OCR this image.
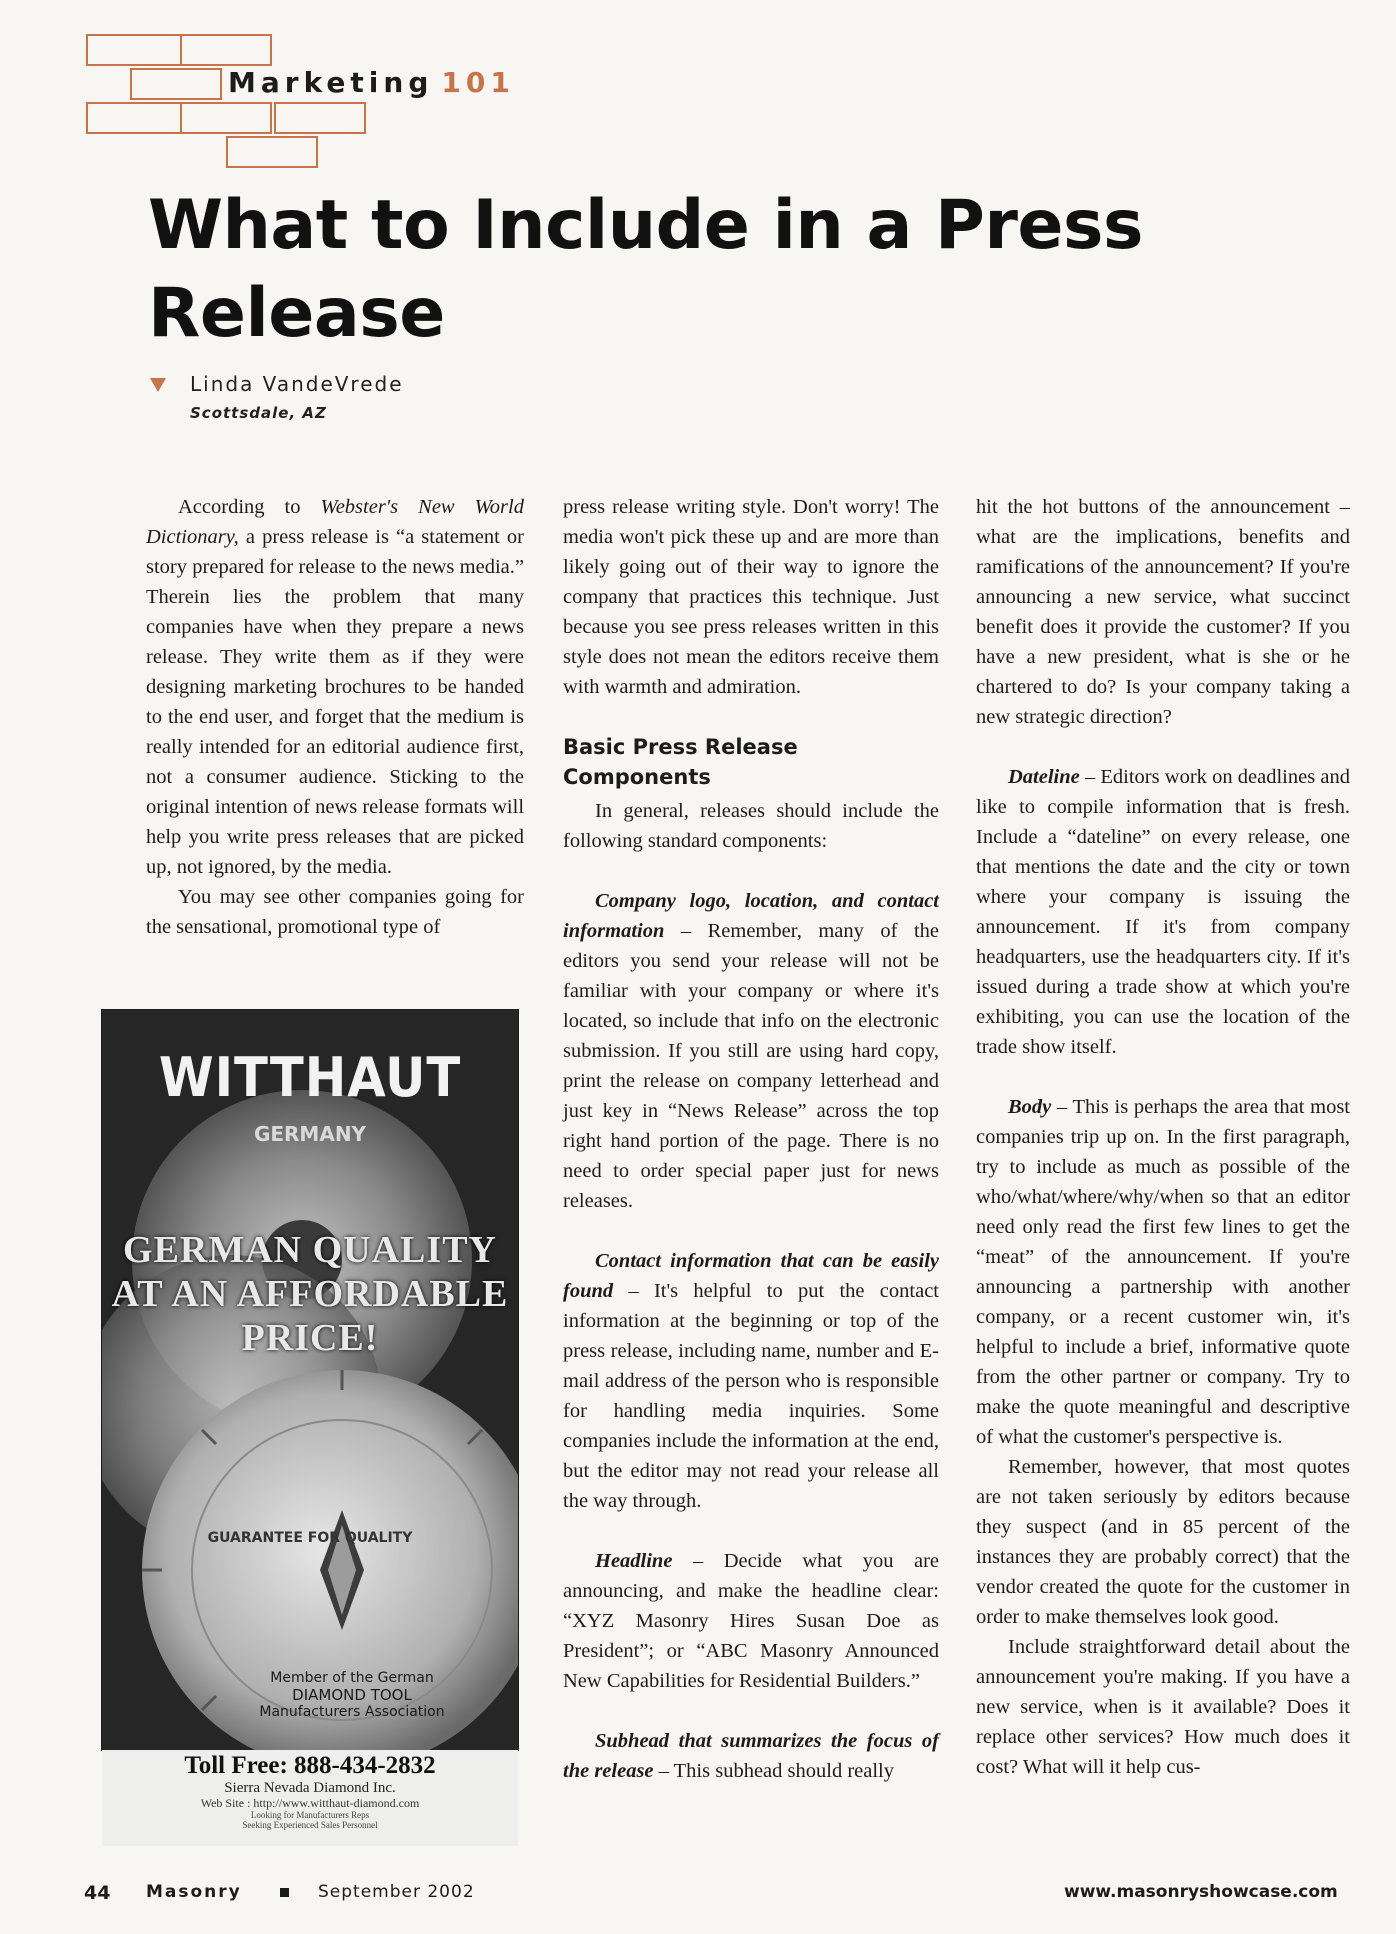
Marketing 101
What to Include in a Press Release
Linda VandeVrede
Scottsdale, AZ

According to Webster's New World Dictionary, a press release is “a statement or story prepared for release to the news media.” Therein lies the problem that many companies have when they prepare a news release. They write them as if they were designing marketing brochures to be handed to the end user, and forget that the medium is really intended for an editorial audience first, not a consumer audience. Sticking to the original intention of news release formats will help you write press releases that are picked up, not ignored, by the media.

You may see other companies going for the sensational, promotional type of

press release writing style. Don't worry! The media won't pick these up and are more than likely going out of their way to ignore the company that practices this technique. Just because you see press releases written in this style does not mean the editors receive them with warmth and admiration.

Basic Press Release Components

In general, releases should include the following standard components:

Company logo, location, and contact information – Remember, many of the editors you send your release will not be familiar with your company or where it's located, so include that info on the electronic submission. If you still are using hard copy, print the release on company letterhead and just key in “News Release” across the top right hand portion of the page. There is no need to order special paper just for news releases.

Contact information that can be easily found – It's helpful to put the contact information at the beginning or top of the press release, including name, number and E-mail address of the person who is responsible for handling media inquiries. Some companies include the information at the end, but the editor may not read your release all the way through.

Headline – Decide what you are announcing, and make the headline clear: “XYZ Masonry Hires Susan Doe as President”; or “ABC Masonry Announced New Capabilities for Residential Builders.”

Subhead that summarizes the focus of the release – This subhead should really

hit the hot buttons of the announcement – what are the implications, benefits and ramifications of the announcement? If you're announcing a new service, what succinct benefit does it provide the customer? If you have a new president, what is she or he chartered to do? Is your company taking a new strategic direction?

Dateline – Editors work on deadlines and like to compile information that is fresh. Include a “dateline” on every release, one that mentions the date and the city or town where your company is issuing the announcement. If it's from company headquarters, use the headquarters city. If it's issued during a trade show at which you're exhibiting, you can use the location of the trade show itself.

Body – This is perhaps the area that most companies trip up on. In the first paragraph, try to include as much as possible of the who/what/where/why/when so that an editor need only read the first few lines to get the “meat” of the announcement. If you're announcing a partnership with another company, or a recent customer win, it's helpful to include a brief, informative quote from the other partner or company. Try to make the quote meaningful and descriptive of what the customer's perspective is.

Remember, however, that most quotes are not taken seriously by editors because they suspect (and in 85 percent of the instances they are probably correct) that the vendor created the quote for the customer in order to make themselves look good.

Include straightforward detail about the announcement you're making. If you have a new service, when is it available? Does it replace other services? How much does it cost? What will it help cus-

WITTHAUT
GERMANY
GERMAN QUALITY AT AN AFFORDABLE PRICE!
GUARANTEE FOR QUALITY
Member of the German
DIAMOND TOOL
Manufacturers Association
Toll Free: 888-434-2832
Sierra Nevada Diamond Inc.
Web Site : http://www.witthaut-diamond.com
Looking for Manufacturers Reps
Seeking Experienced Sales Personnel
44 Masonry	September 2002	www.masonryshowcase.com
